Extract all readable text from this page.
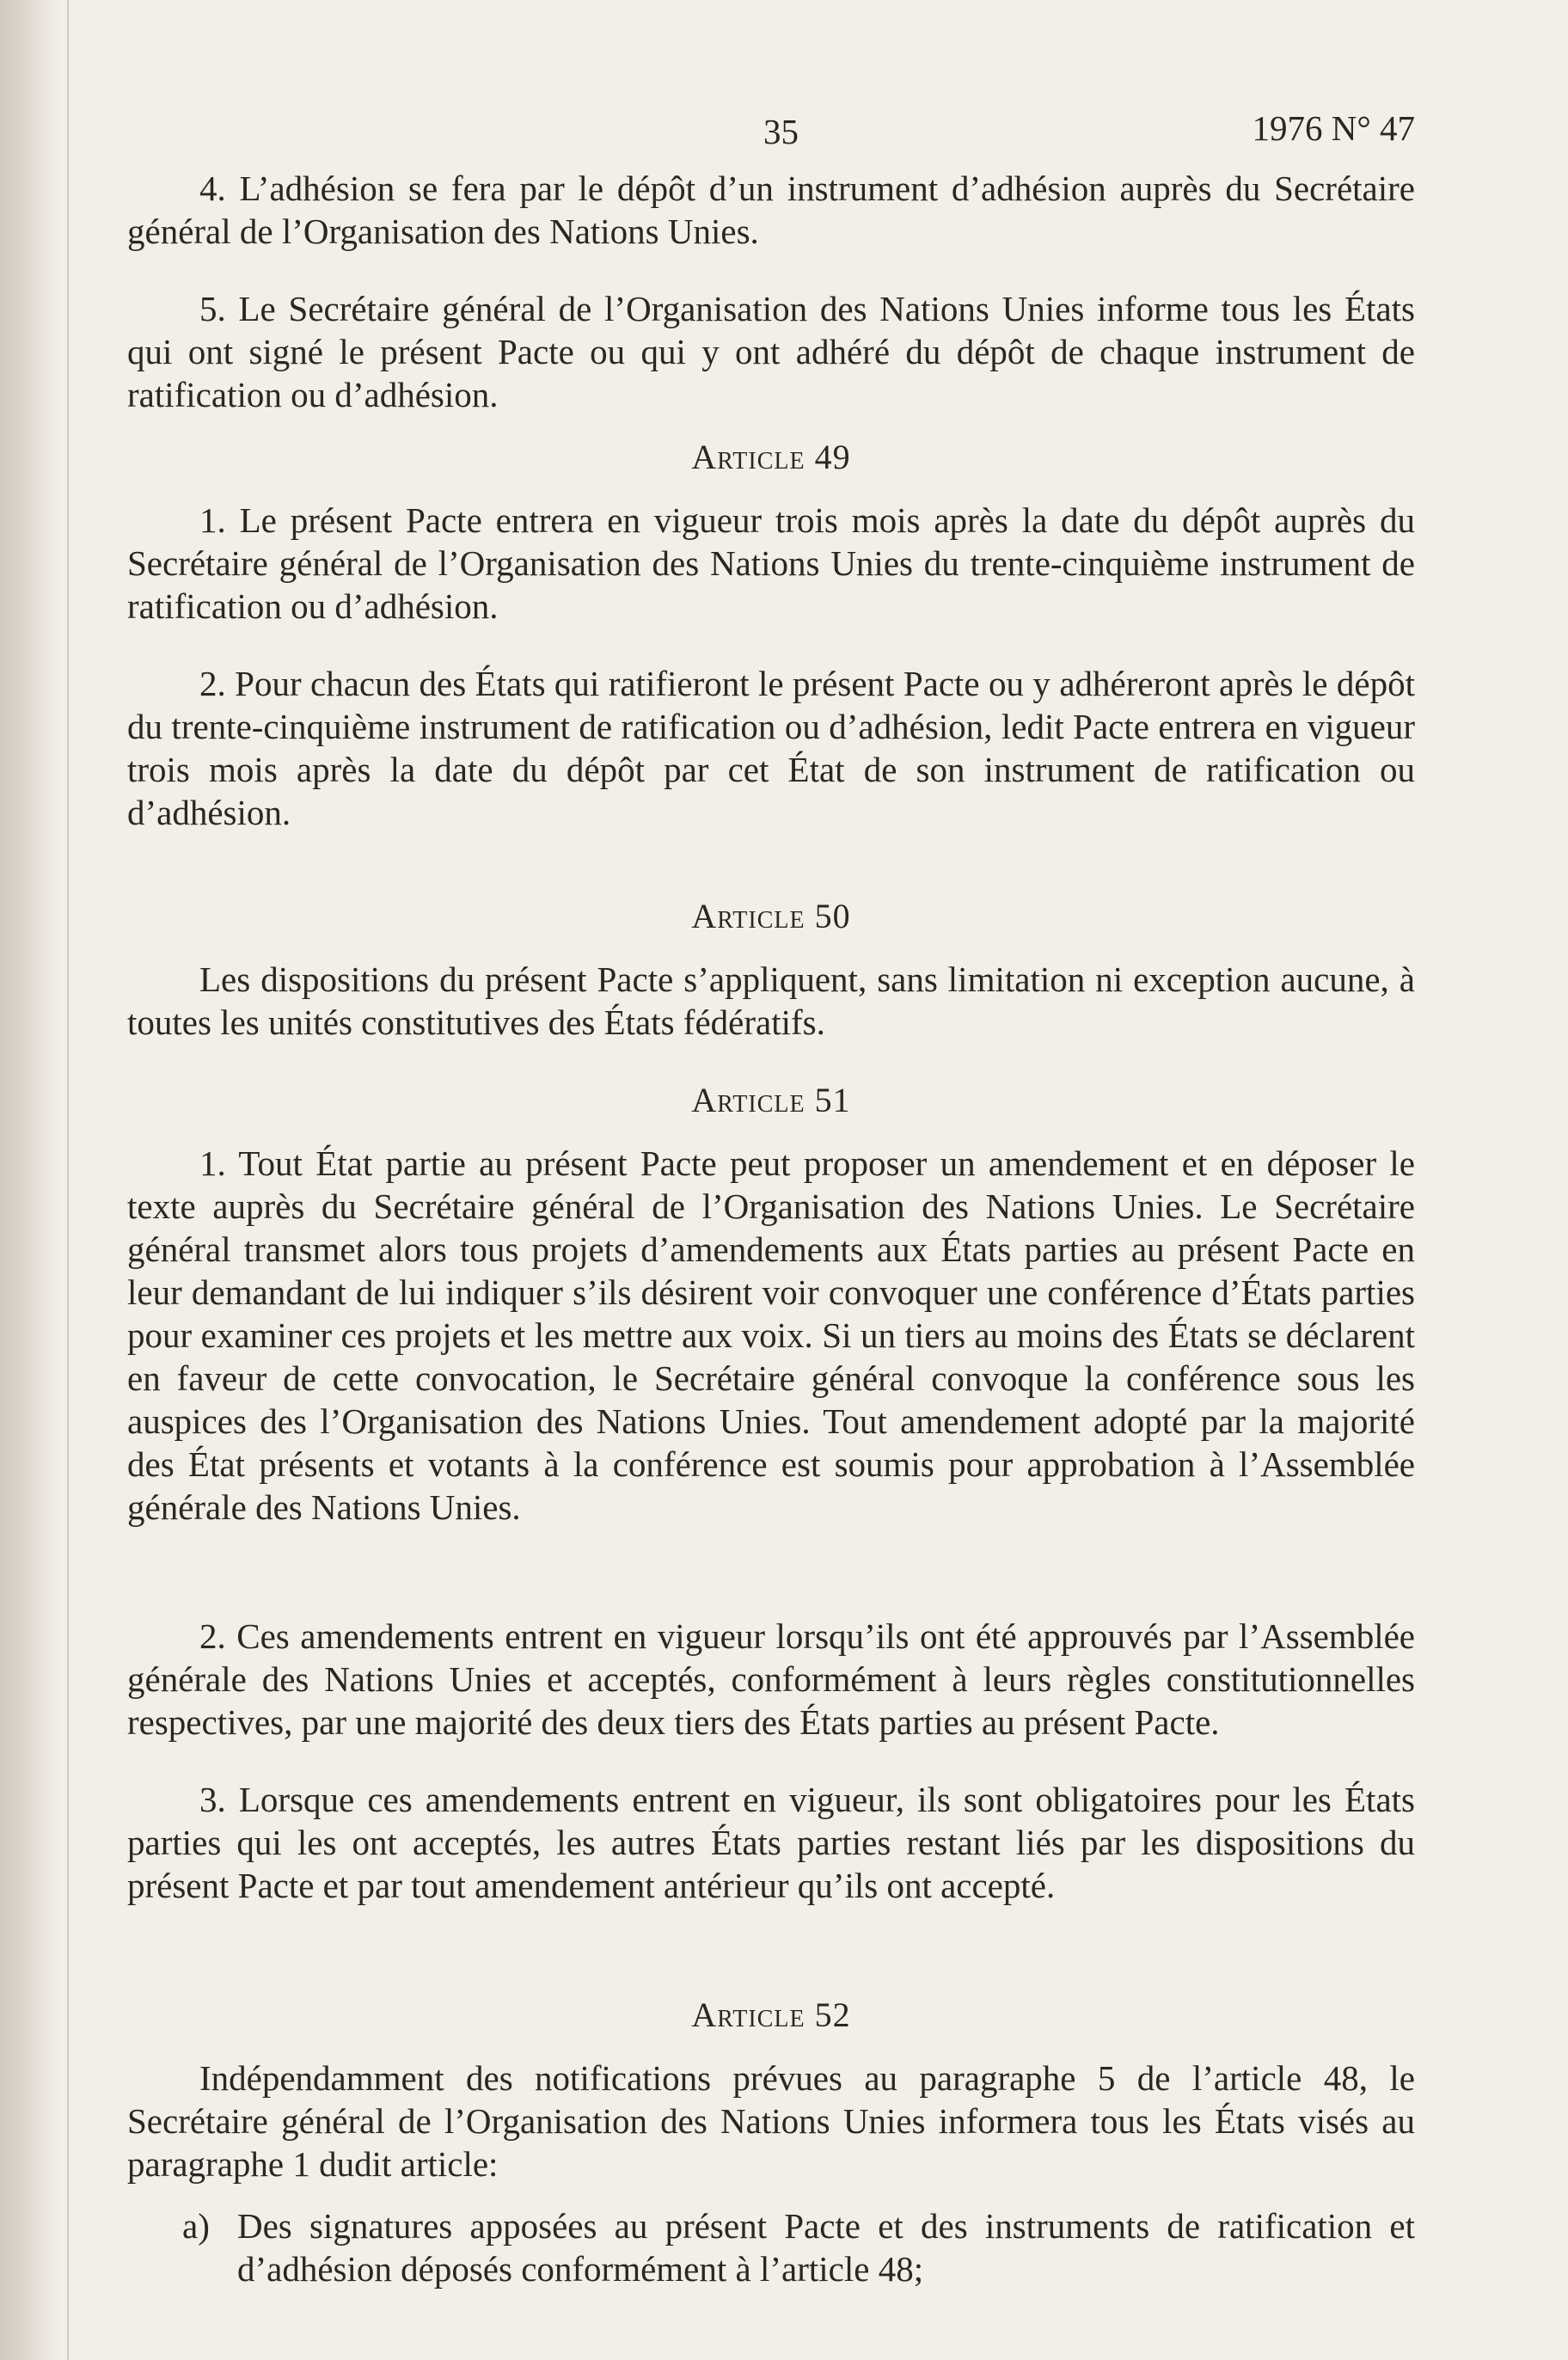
35	1976 N° 47

4. L’adhésion se fera par le dépôt d’un instrument d’adhésion auprès du Secrétaire général de l’Organisation des Nations Unies.

5. Le Secrétaire général de l’Organisation des Nations Unies informe tous les États qui ont signé le présent Pacte ou qui y ont adhéré du dépôt de chaque instrument de ratification ou d’adhésion.

Article 49

1. Le présent Pacte entrera en vigueur trois mois après la date du dépôt auprès du Secrétaire général de l’Organisation des Nations Unies du trente-cinquième instrument de ratification ou d’adhésion.

2. Pour chacun des États qui ratifieront le présent Pacte ou y adhéreront après le dépôt du trente-cinquième instrument de ratification ou d’adhésion, ledit Pacte entrera en vigueur trois mois après la date du dépôt par cet État de son instrument de ratification ou d’adhésion.

Article 50

Les dispositions du présent Pacte s’appliquent, sans limitation ni exception aucune, à toutes les unités constitutives des États fédératifs.

Article 51

1. Tout État partie au présent Pacte peut proposer un amendement et en déposer le texte auprès du Secrétaire général de l’Organisation des Nations Unies. Le Secrétaire général transmet alors tous projets d’amendements aux États parties au présent Pacte en leur demandant de lui indiquer s’ils désirent voir convoquer une conférence d’États parties pour examiner ces projets et les mettre aux voix. Si un tiers au moins des États se déclarent en faveur de cette convocation, le Secrétaire général convoque la conférence sous les auspices des l’Organisation des Nations Unies. Tout amendement adopté par la majorité des État présents et votants à la conférence est soumis pour approbation à l’Assemblée générale des Nations Unies.

2. Ces amendements entrent en vigueur lorsqu’ils ont été approuvés par l’Assemblée générale des Nations Unies et acceptés, conformément à leurs règles constitutionnelles respectives, par une majorité des deux tiers des États parties au présent Pacte.

3. Lorsque ces amendements entrent en vigueur, ils sont obligatoires pour les États parties qui les ont acceptés, les autres États parties restant liés par les dispositions du présent Pacte et par tout amendement antérieur qu’ils ont accepté.

Article 52

Indépendamment des notifications prévues au paragraphe 5 de l’article 48, le Secrétaire général de l’Organisation des Nations Unies informera tous les États visés au paragraphe 1 dudit article:

a) Des signatures apposées au présent Pacte et des instruments de ratification et d’adhésion déposés conformément à l’article 48;
